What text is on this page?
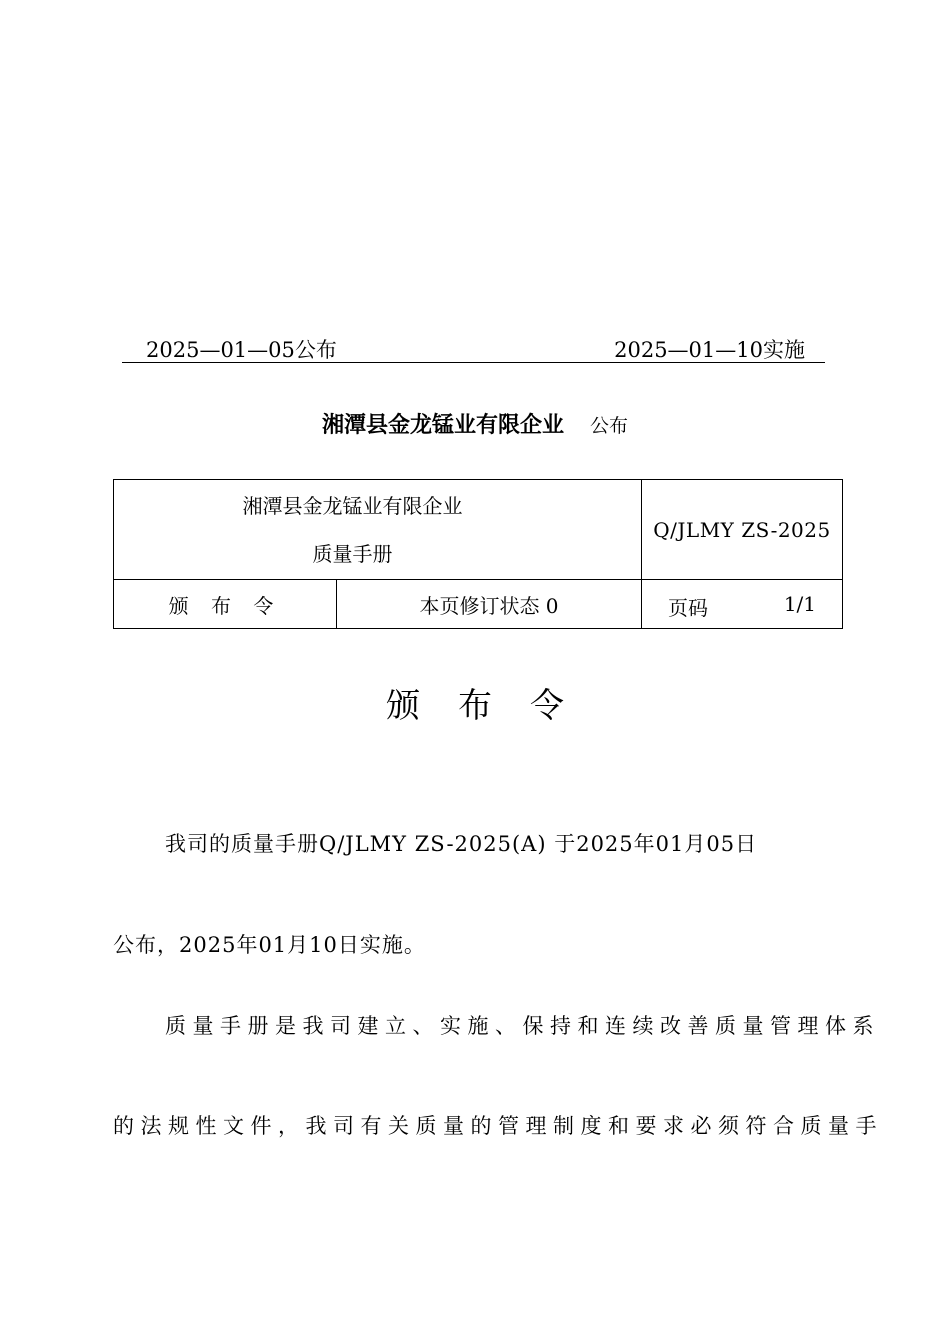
2025—01—05公布	2025—01—10实施
湘潭县金龙锰业有限企业 公布
湘潭县金龙锰业有限企业
质量手册		Q/JLMY ZS-2025
颁 布 令	本页修订状态 0	页码 1/1
颁布令
我司的质量手册Q/JLMY ZS-2025(A) 于2025年01月05日
公布，2025年01月10日实施。
质量手册是我司建立、实施、保持和连续改善质量管理体系
的法规性文件，我司有关质量的管理制度和要求必须符合质量手
